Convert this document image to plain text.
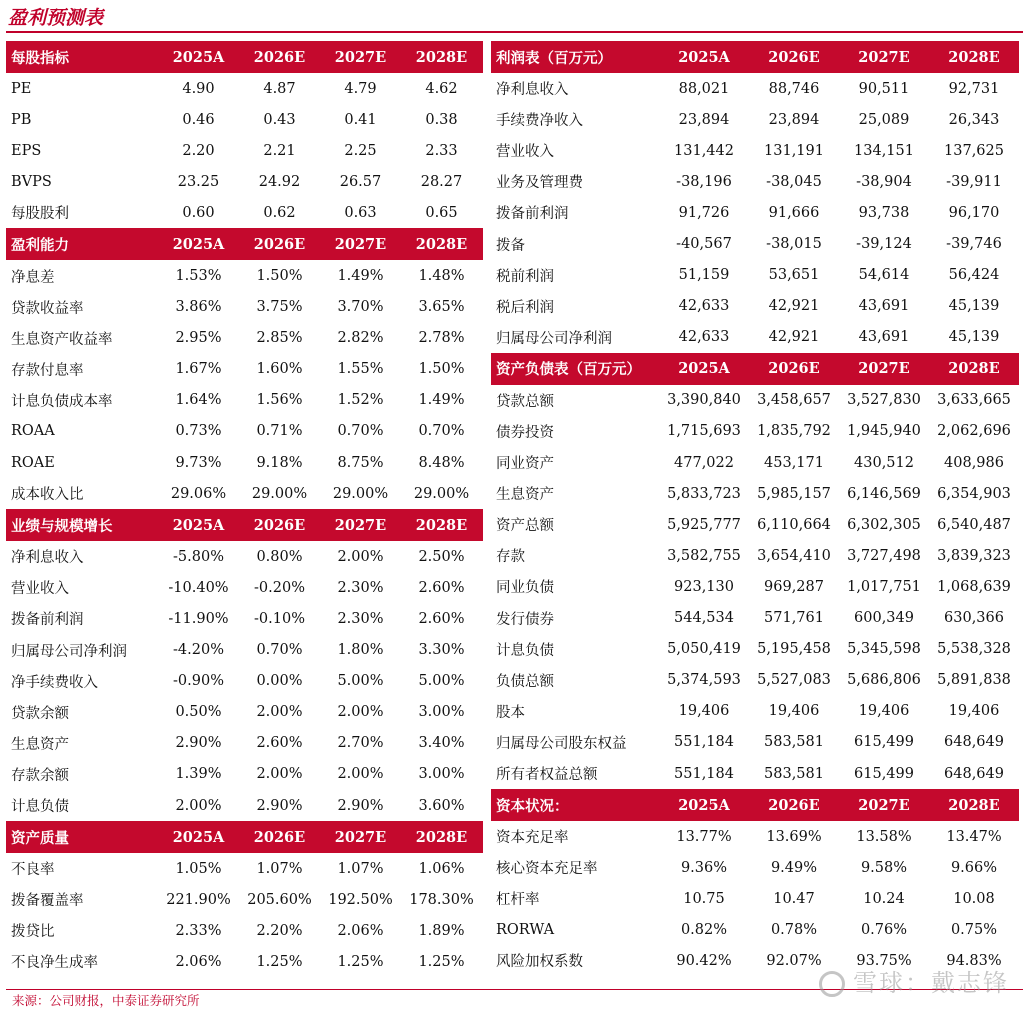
盈利预测表
每股指标	2025A	2026E	2027E	2028E
PE	4.90	4.87	4.79	4.62
PB	0.46	0.43	0.41	0.38
EPS	2.20	2.21	2.25	2.33
BVPS	23.25	24.92	26.57	28.27
每股股利	0.60	0.62	0.63	0.65
盈利能力	2025A	2026E	2027E	2028E
净息差	1.53%	1.50%	1.49%	1.48%
贷款收益率	3.86%	3.75%	3.70%	3.65%
生息资产收益率	2.95%	2.85%	2.82%	2.78%
存款付息率	1.67%	1.60%	1.55%	1.50%
计息负债成本率	1.64%	1.56%	1.52%	1.49%
ROAA	0.73%	0.71%	0.70%	0.70%
ROAE	9.73%	9.18%	8.75%	8.48%
成本收入比	29.06%	29.00%	29.00%	29.00%
业绩与规模增长	2025A	2026E	2027E	2028E
净利息收入	-5.80%	0.80%	2.00%	2.50%
营业收入	-10.40%	-0.20%	2.30%	2.60%
拨备前利润	-11.90%	-0.10%	2.30%	2.60%
归属母公司净利润	-4.20%	0.70%	1.80%	3.30%
净手续费收入	-0.90%	0.00%	5.00%	5.00%
贷款余额	0.50%	2.00%	2.00%	3.00%
生息资产	2.90%	2.60%	2.70%	3.40%
存款余额	1.39%	2.00%	2.00%	3.00%
计息负债	2.00%	2.90%	2.90%	3.60%
资产质量	2025A	2026E	2027E	2028E
不良率	1.05%	1.07%	1.07%	1.06%
拨备覆盖率	221.90%	205.60%	192.50%	178.30%
拨贷比	2.33%	2.20%	2.06%	1.89%
不良净生成率	2.06%	1.25%	1.25%	1.25%
利润表（百万元）	2025A	2026E	2027E	2028E
净利息收入	88,021	88,746	90,511	92,731
手续费净收入	23,894	23,894	25,089	26,343
营业收入	131,442	131,191	134,151	137,625
业务及管理费	-38,196	-38,045	-38,904	-39,911
拨备前利润	91,726	91,666	93,738	96,170
拨备	-40,567	-38,015	-39,124	-39,746
税前利润	51,159	53,651	54,614	56,424
税后利润	42,633	42,921	43,691	45,139
归属母公司净利润	42,633	42,921	43,691	45,139
资产负债表（百万元）	2025A	2026E	2027E	2028E
贷款总额	3,390,840	3,458,657	3,527,830	3,633,665
债券投资	1,715,693	1,835,792	1,945,940	2,062,696
同业资产	477,022	453,171	430,512	408,986
生息资产	5,833,723	5,985,157	6,146,569	6,354,903
资产总额	5,925,777	6,110,664	6,302,305	6,540,487
存款	3,582,755	3,654,410	3,727,498	3,839,323
同业负债	923,130	969,287	1,017,751	1,068,639
发行债券	544,534	571,761	600,349	630,366
计息负债	5,050,419	5,195,458	5,345,598	5,538,328
负债总额	5,374,593	5,527,083	5,686,806	5,891,838
股本	19,406	19,406	19,406	19,406
归属母公司股东权益	551,184	583,581	615,499	648,649
所有者权益总额	551,184	583,581	615,499	648,649
资本状况：	2025A	2026E	2027E	2028E
资本充足率	13.77%	13.69%	13.58%	13.47%
核心资本充足率	9.36%	9.49%	9.58%	9.66%
杠杆率	10.75	10.47	10.24	10.08
RORWA	0.82%	0.78%	0.76%	0.75%
风险加权系数	90.42%	92.07%	93.75%	94.83%
来源：公司财报，中泰证券研究所
雪球：戴志锋
